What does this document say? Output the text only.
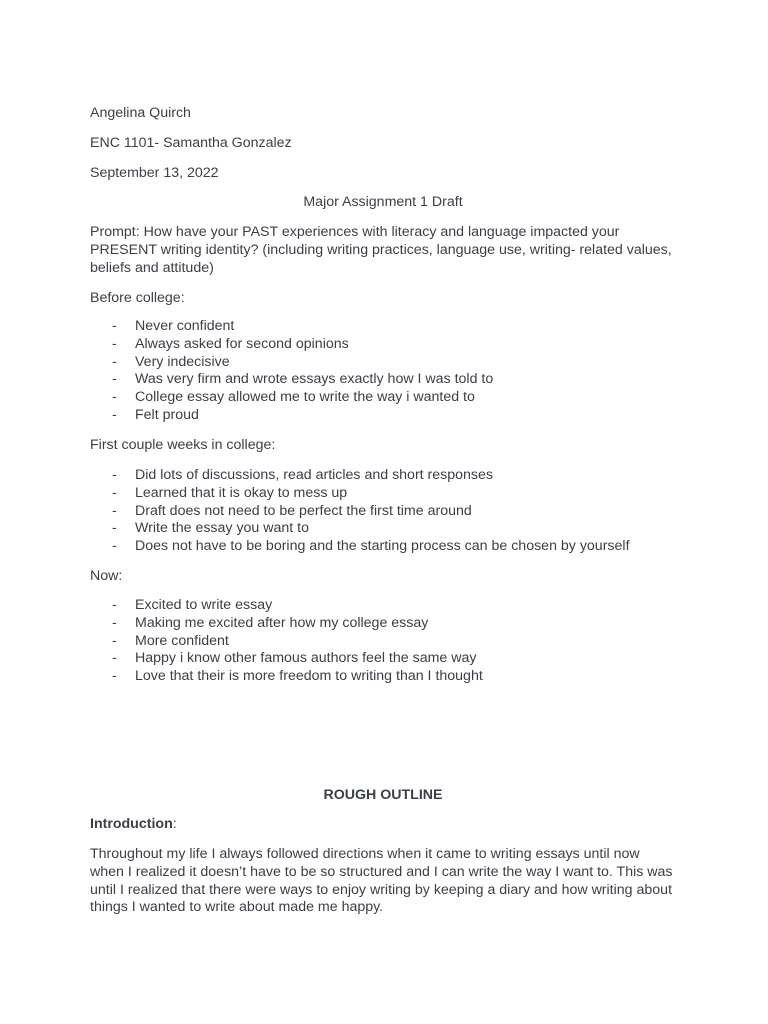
Angelina Quirch

ENC 1101- Samantha Gonzalez

September 13, 2022

Major Assignment 1 Draft

Prompt: How have your PAST experiences with literacy and language impacted your PRESENT writing identity? (including writing practices, language use, writing- related values, beliefs and attitude)

Before college:

- Never confident
- Always asked for second opinions
- Very indecisive
- Was very firm and wrote essays exactly how I was told to
- College essay allowed me to write the way i wanted to
- Felt proud

First couple weeks in college:

- Did lots of discussions, read articles and short responses
- Learned that it is okay to mess up
- Draft does not need to be perfect the first time around
- Write the essay you want to
- Does not have to be boring and the starting process can be chosen by yourself

Now:

- Excited to write essay
- Making me excited after how my college essay
- More confident
- Happy i know other famous authors feel the same way
- Love that their is more freedom to writing than I thought

ROUGH OUTLINE

Introduction:

Throughout my life I always followed directions when it came to writing essays until now when I realized it doesn’t have to be so structured and I can write the way I want to. This was until I realized that there were ways to enjoy writing by keeping a diary and how writing about things I wanted to write about made me happy.
